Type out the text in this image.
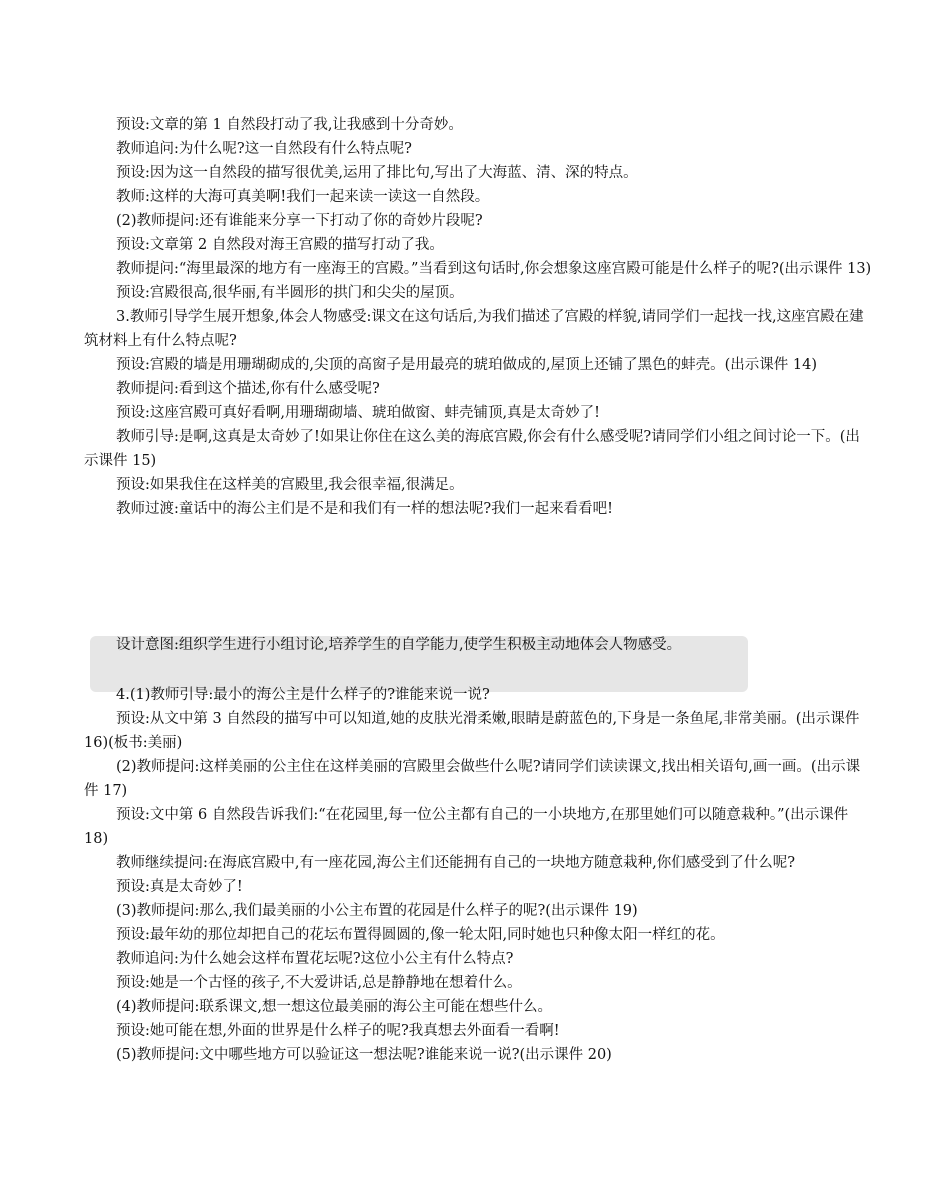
预设:文章的第 1 自然段打动了我,让我感到十分奇妙。

教师追问:为什么呢?这一自然段有什么特点呢?

预设:因为这一自然段的描写很优美,运用了排比句,写出了大海蓝、清、深的特点。

教师:这样的大海可真美啊!我们一起来读一读这一自然段。

(2)教师提问:还有谁能来分享一下打动了你的奇妙片段呢?

预设:文章第 2 自然段对海王宫殿的描写打动了我。

教师提问:“海里最深的地方有一座海王的宫殿。”当看到这句话时,你会想象这座宫殿可能是什么样子的呢?(出示课件 13)

预设:宫殿很高,很华丽,有半圆形的拱门和尖尖的屋顶。

3.教师引导学生展开想象,体会人物感受:课文在这句话后,为我们描述了宫殿的样貌,请同学们一起找一找,这座宫殿在建筑材料上有什么特点呢?

预设:宫殿的墙是用珊瑚砌成的,尖顶的高窗子是用最亮的琥珀做成的,屋顶上还铺了黑色的蚌壳。(出示课件 14)

教师提问:看到这个描述,你有什么感受呢?

预设:这座宫殿可真好看啊,用珊瑚砌墙、琥珀做窗、蚌壳铺顶,真是太奇妙了!

教师引导:是啊,这真是太奇妙了!如果让你住在这么美的海底宫殿,你会有什么感受呢?请同学们小组之间讨论一下。(出示课件 15)

预设:如果我住在这样美的宫殿里,我会很幸福,很满足。

教师过渡:童话中的海公主们是不是和我们有一样的想法呢?我们一起来看看吧!

设计意图:组织学生进行小组讨论,培养学生的自学能力,使学生积极主动地体会人物感受。

4.(1)教师引导:最小的海公主是什么样子的?谁能来说一说?

预设:从文中第 3 自然段的描写中可以知道,她的皮肤光滑柔嫩,眼睛是蔚蓝色的,下身是一条鱼尾,非常美丽。(出示课件 16)(板书:美丽)

(2)教师提问:这样美丽的公主住在这样美丽的宫殿里会做些什么呢?请同学们读读课文,找出相关语句,画一画。(出示课件 17)

预设:文中第 6 自然段告诉我们:“在花园里,每一位公主都有自己的一小块地方,在那里她们可以随意栽种。”(出示课件 18)

教师继续提问:在海底宫殿中,有一座花园,海公主们还能拥有自己的一块地方随意栽种,你们感受到了什么呢?

预设:真是太奇妙了!

(3)教师提问:那么,我们最美丽的小公主布置的花园是什么样子的呢?(出示课件 19)

预设:最年幼的那位却把自己的花坛布置得圆圆的,像一轮太阳,同时她也只种像太阳一样红的花。

教师追问:为什么她会这样布置花坛呢?这位小公主有什么特点?

预设:她是一个古怪的孩子,不大爱讲话,总是静静地在想着什么。

(4)教师提问:联系课文,想一想这位最美丽的海公主可能在想些什么。

预设:她可能在想,外面的世界是什么样子的呢?我真想去外面看一看啊!

(5)教师提问:文中哪些地方可以验证这一想法呢?谁能来说一说?(出示课件 20)
